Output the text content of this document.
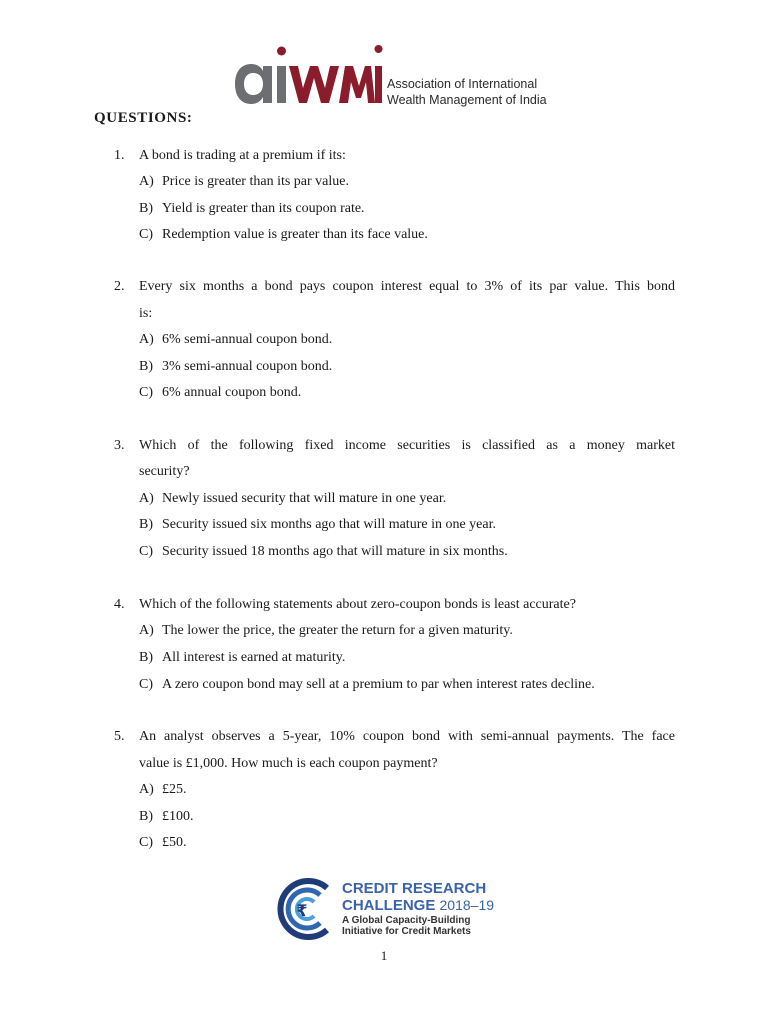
Association of International
Wealth Management of India
QUESTIONS:
1. A bond is trading at a premium if its:
A) Price is greater than its par value.
B) Yield is greater than its coupon rate.
C) Redemption value is greater than its face value.
2. Every six months a bond pays coupon interest equal to 3% of its par value. This bond
is:
A) 6% semi-annual coupon bond.
B) 3% semi-annual coupon bond.
C) 6% annual coupon bond.
3. Which of the following fixed income securities is classified as a money market
security?
A) Newly issued security that will mature in one year.
B) Security issued six months ago that will mature in one year.
C) Security issued 18 months ago that will mature in six months.
4. Which of the following statements about zero-coupon bonds is least accurate?
A) The lower the price, the greater the return for a given maturity.
B) All interest is earned at maturity.
C) A zero coupon bond may sell at a premium to par when interest rates decline.
5. An analyst observes a 5-year, 10% coupon bond with semi-annual payments. The face
value is £1,000. How much is each coupon payment?
A) £25.
B) £100.
C) £50.
₹
CREDIT RESEARCH
CHALLENGE 2018–19
A Global Capacity-Building
Initiative for Credit Markets
1
